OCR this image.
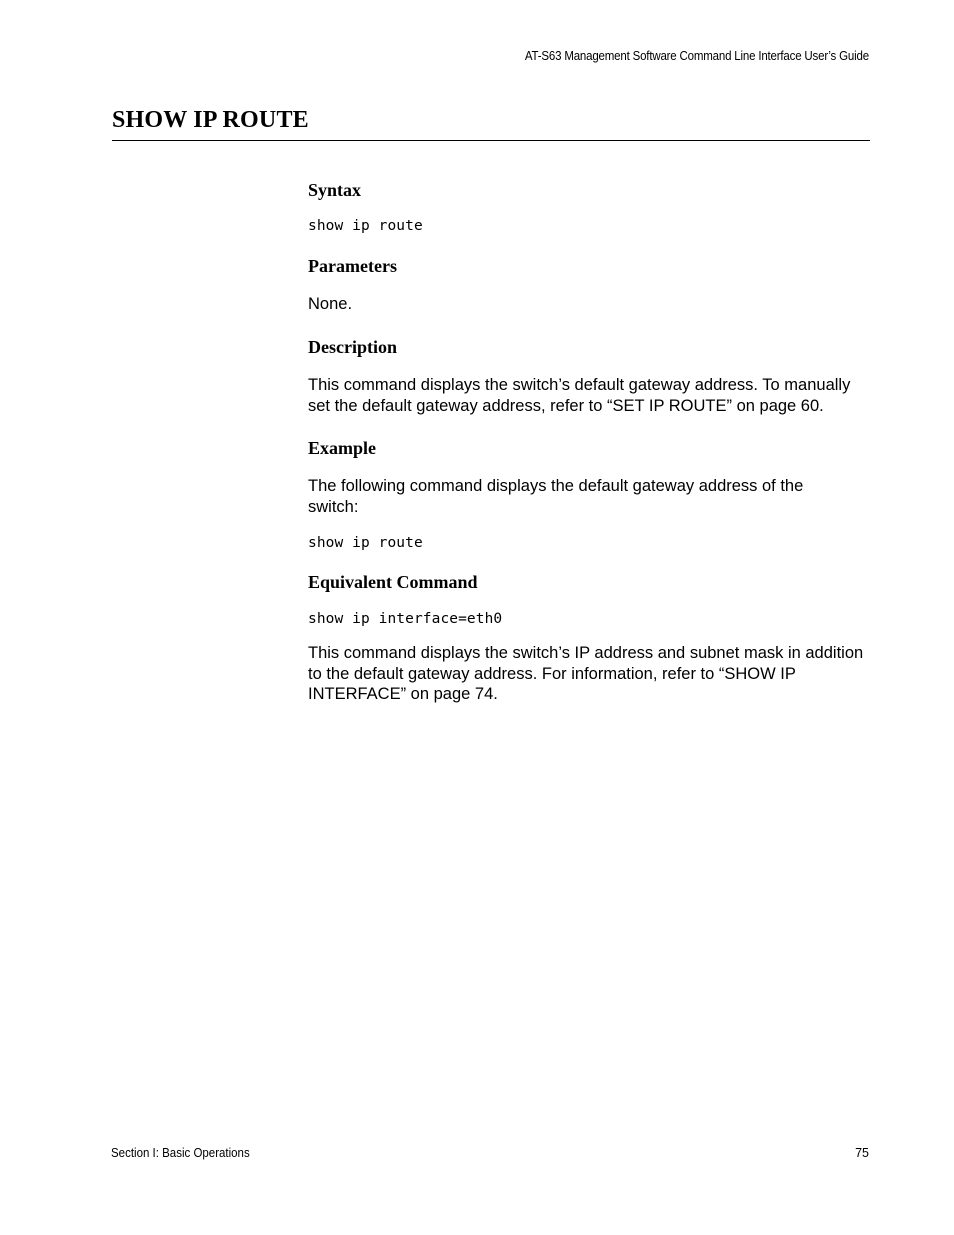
AT-S63 Management Software Command Line Interface User’s Guide
SHOW IP ROUTE
Syntax

show ip route

Parameters

None.

Description

This command displays the switch’s default gateway address. To manually set the default gateway address, refer to “SET IP ROUTE” on page 60.

Example

The following command displays the default gateway address of the switch:

show ip route

Equivalent Command

show ip interface=eth0

This command displays the switch’s IP address and subnet mask in addition to the default gateway address. For information, refer to “SHOW IP INTERFACE” on page 74.

Section I: Basic Operations	75
